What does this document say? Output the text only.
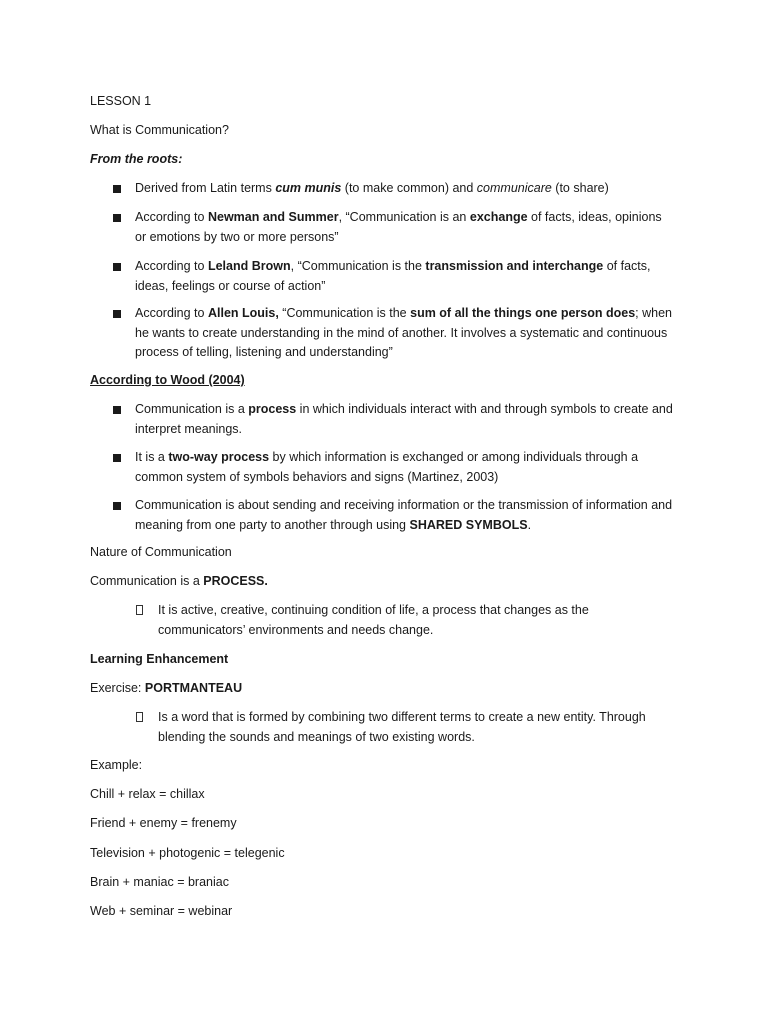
LESSON 1
What is Communication?
From the roots:
Derived from Latin terms cum munis (to make common) and communicare (to share)
According to Newman and Summer, “Communication is an exchange of facts, ideas, opinions or emotions by two or more persons”
According to Leland Brown, “Communication is the transmission and interchange of facts, ideas, feelings or course of action”
According to Allen Louis, “Communication is the sum of all the things one person does; when he wants to create understanding in the mind of another. It involves a systematic and continuous process of telling, listening and understanding”
According to Wood (2004)
Communication is a process in which individuals interact with and through symbols to create and interpret meanings.
It is a two-way process by which information is exchanged or among individuals through a common system of symbols behaviors and signs (Martinez, 2003)
Communication is about sending and receiving information or the transmission of information and meaning from one party to another through using SHARED SYMBOLS.
Nature of Communication
Communication is a PROCESS.
It is active, creative, continuing condition of life, a process that changes as the communicators’ environments and needs change.
Learning Enhancement
Exercise: PORTMANTEAU
Is a word that is formed by combining two different terms to create a new entity. Through blending the sounds and meanings of two existing words.
Example:
Chill + relax = chillax
Friend + enemy = frenemy
Television + photogenic = telegenic
Brain + maniac = braniac
Web + seminar = webinar
